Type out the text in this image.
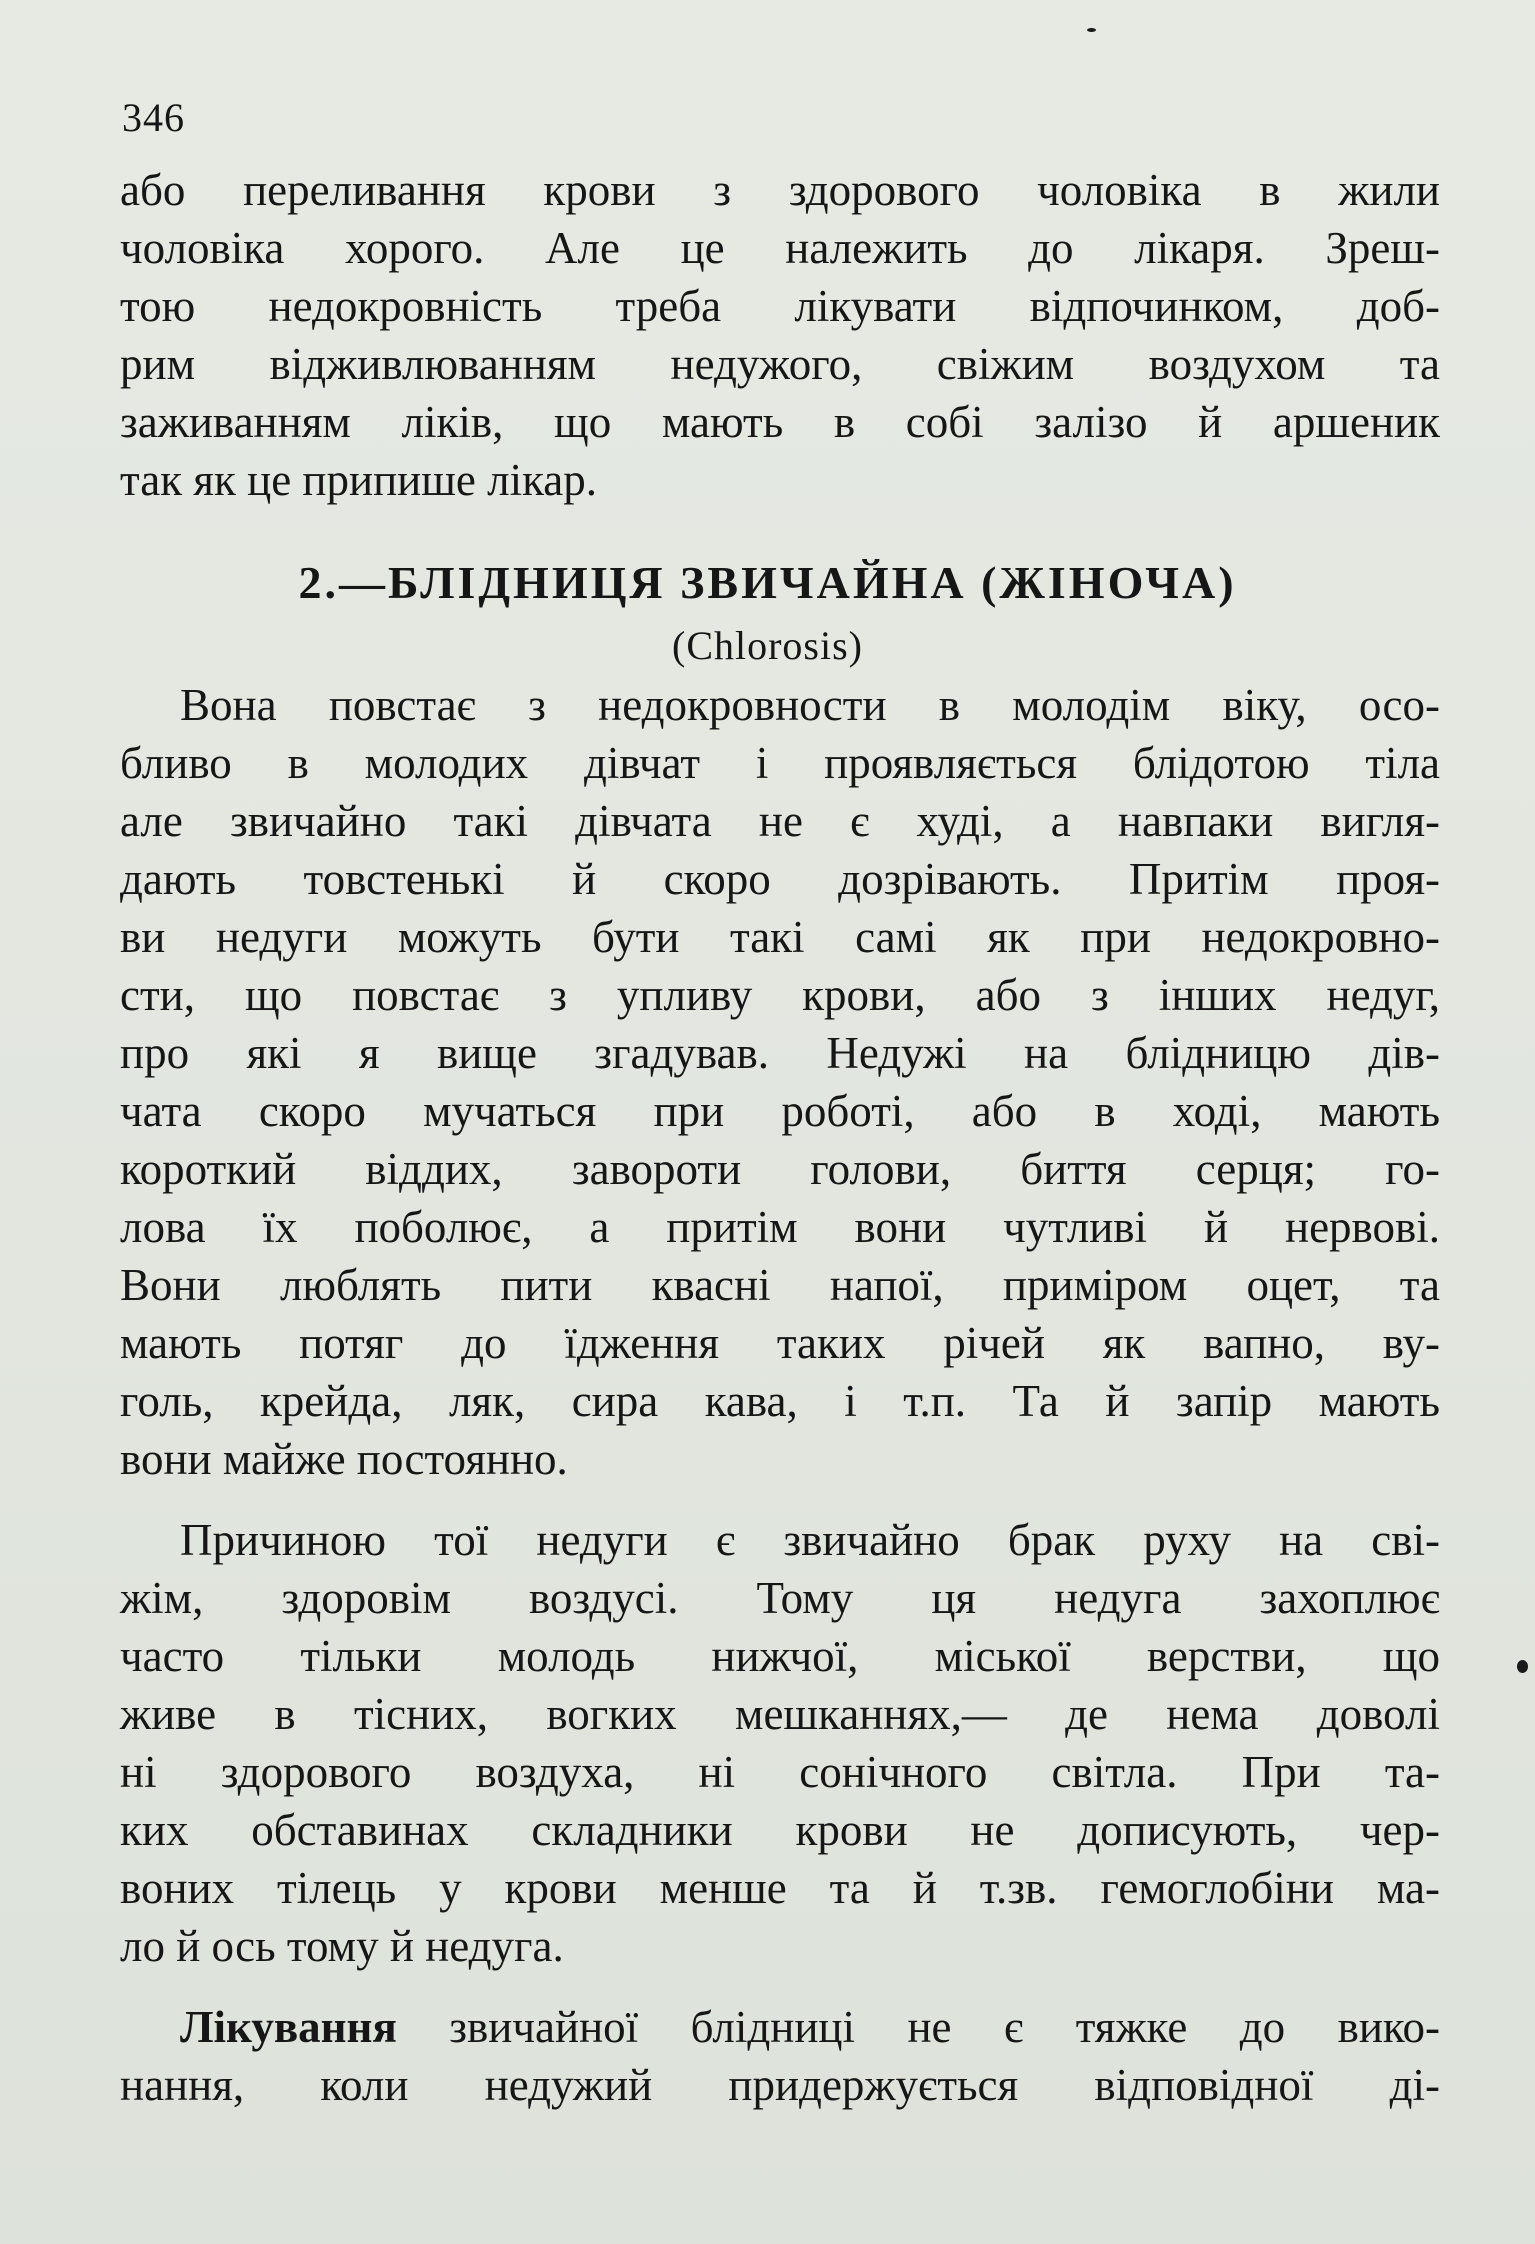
346
або переливання крови з здорового чоловіка в жили
чоловіка хорого. Але це належить до лікаря. Зреш-
тою недокровність треба лікувати відпочинком, доб-
рим відживлюванням недужого, свіжим воздухом та
заживанням ліків, що мають в собі залізо й аршеник
так як це припише лікар.
2.—БЛІДНИЦЯ ЗВИЧАЙНА (ЖІНОЧА)
(Chlorosis)
Вона повстає з недокровности в молодім віку, осо-
бливо в молодих дівчат і проявляється блідотою тіла
але звичайно такі дівчата не є худі, а навпаки вигля-
дають товстенькі й скоро дозрівають. Притім проя-
ви недуги можуть бути такі самі як при недокровно-
сти, що повстає з упливу крови, або з інших недуг,
про які я вище згадував. Недужі на блідницю дів-
чата скоро мучаться при роботі, або в ході, мають
короткий віддих, завороти голови, биття серця; го-
лова їх поболює, а притім вони чутливі й нервові.
Вони люблять пити квасні напої, приміром оцет, та
мають потяг до їдження таких річей як вапно, ву-
голь, крейда, ляк, сира кава, і т.п. Та й запір мають
вони майже постоянно.
Причиною тої недуги є звичайно брак руху на сві-
жім, здоровім воздусі. Тому ця недуга захоплює
часто тільки молодь нижчої, міської верстви, що
живе в тісних, вогких мешканнях,— де нема доволі
ні здорового воздуха, ні сонічного світла. При та-
ких обставинах складники крови не дописують, чер-
воних тілець у крови менше та й т.зв. гемоглобіни ма-
ло й ось тому й недуга.
Лікування звичайної блідниці не є тяжке до вико-
нання, коли недужий придержується відповідної ді-
